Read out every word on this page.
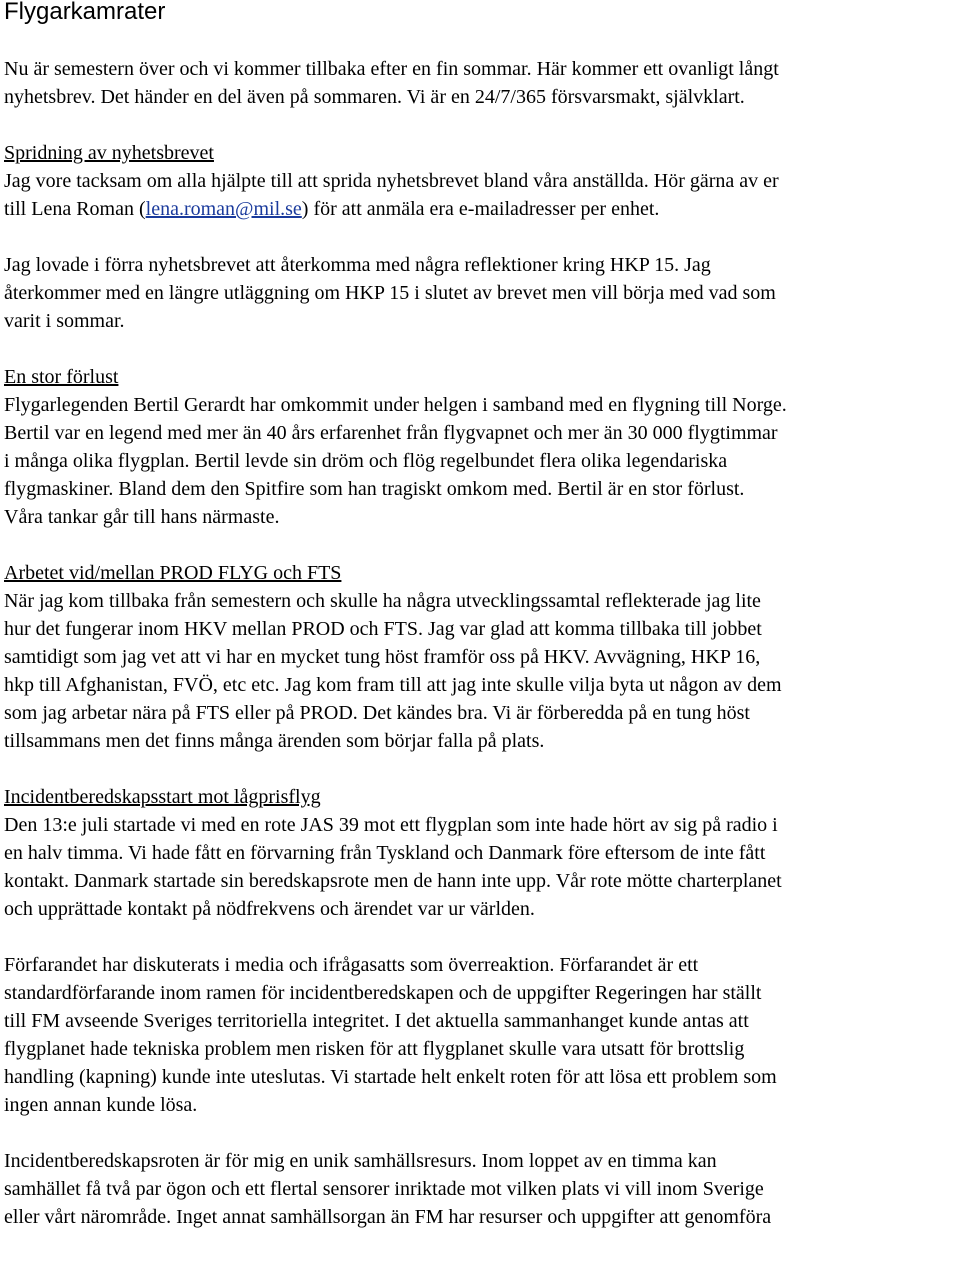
Flygarkamrater
Nu är semestern över och vi kommer tillbaka efter en fin sommar. Här kommer ett ovanligt långt
nyhetsbrev. Det händer en del även på sommaren. Vi är en 24/7/365 försvarsmakt, självklart.
Spridning av nyhetsbrevet
Jag vore tacksam om alla hjälpte till att sprida nyhetsbrevet bland våra anställda. Hör gärna av er
till Lena Roman (lena.roman@mil.se) för att anmäla era e-mailadresser per enhet.
Jag lovade i förra nyhetsbrevet att återkomma med några reflektioner kring HKP 15. Jag
återkommer med en längre utläggning om HKP 15 i slutet av brevet men vill börja med vad som
varit i sommar.
En stor förlust
Flygarlegenden Bertil Gerardt har omkommit under helgen i samband med en flygning till Norge.
Bertil var en legend med mer än 40 års erfarenhet från flygvapnet och mer än 30 000 flygtimmar
i många olika flygplan. Bertil levde sin dröm och flög regelbundet flera olika legendariska
flygmaskiner. Bland dem den Spitfire som han tragiskt omkom med. Bertil är en stor förlust.
Våra tankar går till hans närmaste.
Arbetet vid/mellan PROD FLYG och FTS
När jag kom tillbaka från semestern och skulle ha några utvecklingssamtal reflekterade jag lite
hur det fungerar inom HKV mellan PROD och FTS. Jag var glad att komma tillbaka till jobbet
samtidigt som jag vet att vi har en mycket tung höst framför oss på HKV. Avvägning, HKP 16,
hkp till Afghanistan, FVÖ, etc etc. Jag kom fram till att jag inte skulle vilja byta ut någon av dem
som jag arbetar nära på FTS eller på PROD. Det kändes bra. Vi är förberedda på en tung höst
tillsammans men det finns många ärenden som börjar falla på plats.
Incidentberedskapsstart mot lågprisflyg
Den 13:e juli startade vi med en rote JAS 39 mot ett flygplan som inte hade hört av sig på radio i
en halv timma. Vi hade fått en förvarning från Tyskland och Danmark före eftersom de inte fått
kontakt. Danmark startade sin beredskapsrote men de hann inte upp. Vår rote mötte charterplanet
och upprättade kontakt på nödfrekvens och ärendet var ur världen.
Förfarandet har diskuterats i media och ifrågasatts som överreaktion. Förfarandet är ett
standardförfarande inom ramen för incidentberedskapen och de uppgifter Regeringen har ställt
till FM avseende Sveriges territoriella integritet. I det aktuella sammanhanget kunde antas att
flygplanet hade tekniska problem men risken för att flygplanet skulle vara utsatt för brottslig
handling (kapning) kunde inte uteslutas. Vi startade helt enkelt roten för att lösa ett problem som
ingen annan kunde lösa.
Incidentberedskapsroten är för mig en unik samhällsresurs. Inom loppet av en timma kan
samhället få två par ögon och ett flertal sensorer inriktade mot vilken plats vi vill inom Sverige
eller vårt närområde. Inget annat samhällsorgan än FM har resurser och uppgifter att genomföra
